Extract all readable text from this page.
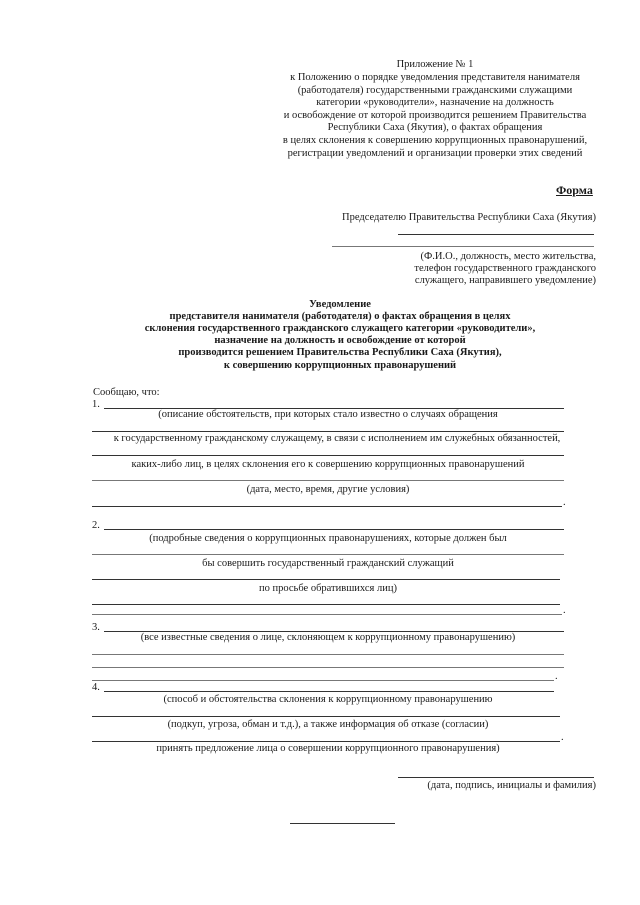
Приложение № 1
к Положению о порядке уведомления представителя нанимателя
(работодателя) государственными гражданскими служащими
категории «руководители», назначение на должность
и освобождение от которой производится решением Правительства
Республики Саха (Якутия), о фактах обращения
в целях склонения к совершению коррупционных правонарушений,
регистрации уведомлений и организации проверки этих сведений
Форма
Председателю Правительства Республики Саха (Якутия)
(Ф.И.О., должность, место жительства,
телефон государственного гражданского
служащего, направившего уведомление)
Уведомление
представителя нанимателя (работодателя) о фактах обращения в целях
склонения государственного гражданского служащего категории «руководители»,
назначение на должность и освобождение от которой
производится решением Правительства Республики Саха (Якутия),
к совершению коррупционных правонарушений
Сообщаю, что:
1.
(описание обстоятельств, при которых стало известно о случаях обращения
к государственному гражданскому служащему, в связи с исполнением им служебных обязанностей,
каких-либо лиц, в целях склонения его к совершению коррупционных правонарушений
(дата, место, время, другие условия)
.
2.
(подробные сведения о коррупционных правонарушениях, которые должен был
бы совершить государственный гражданский служащий
по просьбе обратившихся лиц)
.
3.
(все известные сведения о лице, склоняющем к коррупционному правонарушению)
.
4.
(способ и обстоятельства склонения к коррупционному правонарушению
(подкуп, угроза, обман и т.д.), а также информация об отказе (согласии)
.
принять предложение лица о совершении коррупционного правонарушения)
(дата, подпись, инициалы и фамилия)
